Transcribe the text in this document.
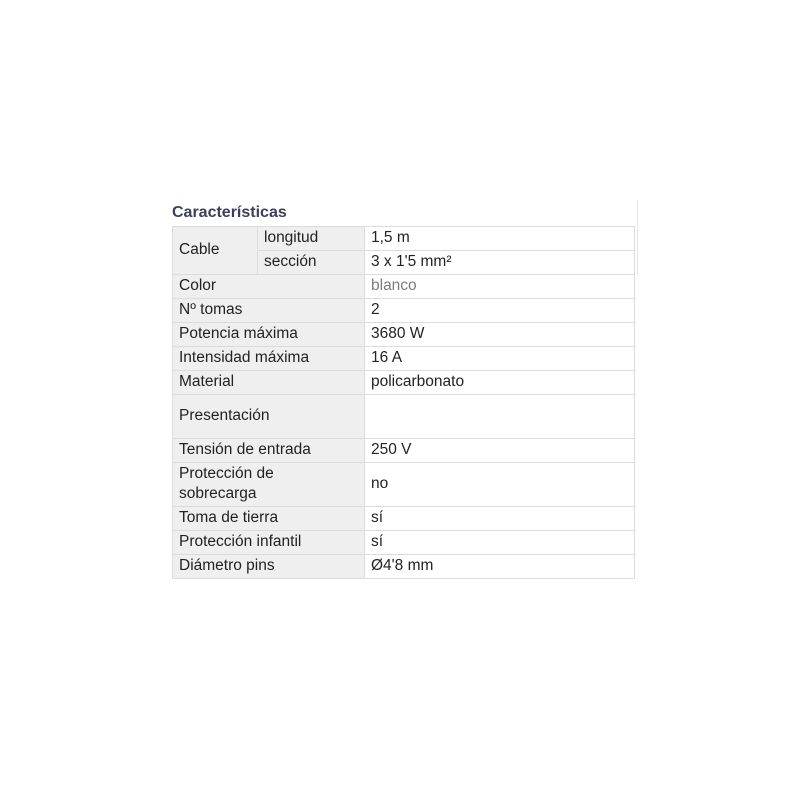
Características
Cable	longitud	1,5 m
	sección	3 x 1'5 mm²
Color		blanco
Nº tomas		2
Potencia máxima		3680 W
Intensidad máxima		16 A
Material		policarbonato
Presentación		
Tensión de entrada		250 V
Protección de sobrecarga		no
Toma de tierra		sí
Protección infantil		sí
Diámetro pins		Ø4'8 mm
